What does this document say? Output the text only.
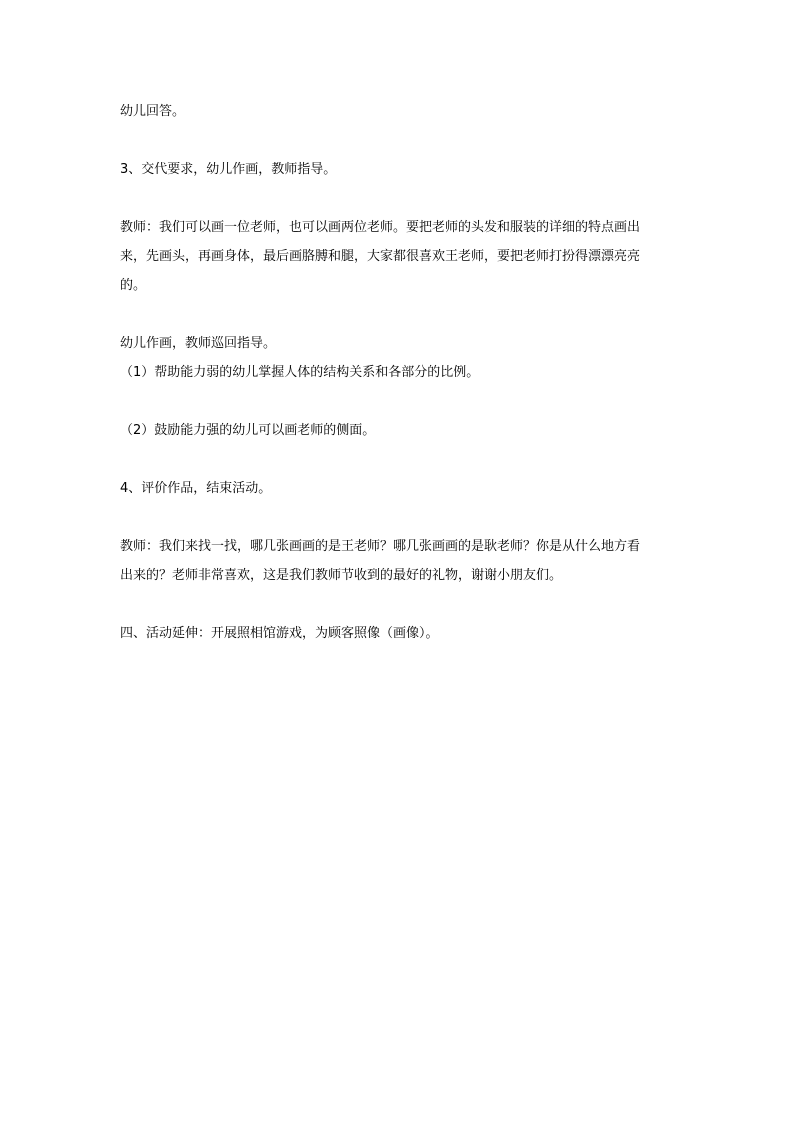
幼儿回答。

3、交代要求，幼儿作画，教师指导。

教师：我们可以画一位老师，也可以画两位老师。要把老师的头发和服装的详细的特点画出
来，先画头，再画身体，最后画胳膊和腿，大家都很喜欢王老师，要把老师打扮得漂漂亮亮
的。

幼儿作画，教师巡回指导。

（1）帮助能力弱的幼儿掌握人体的结构关系和各部分的比例。

（2）鼓励能力强的幼儿可以画老师的侧面。

4、评价作品，结束活动。

教师：我们来找一找，哪几张画画的是王老师？哪几张画画的是耿老师？你是从什么地方看
出来的？老师非常喜欢，这是我们教师节收到的最好的礼物，谢谢小朋友们。

四、活动延伸：开展照相馆游戏，为顾客照像（画像）。
